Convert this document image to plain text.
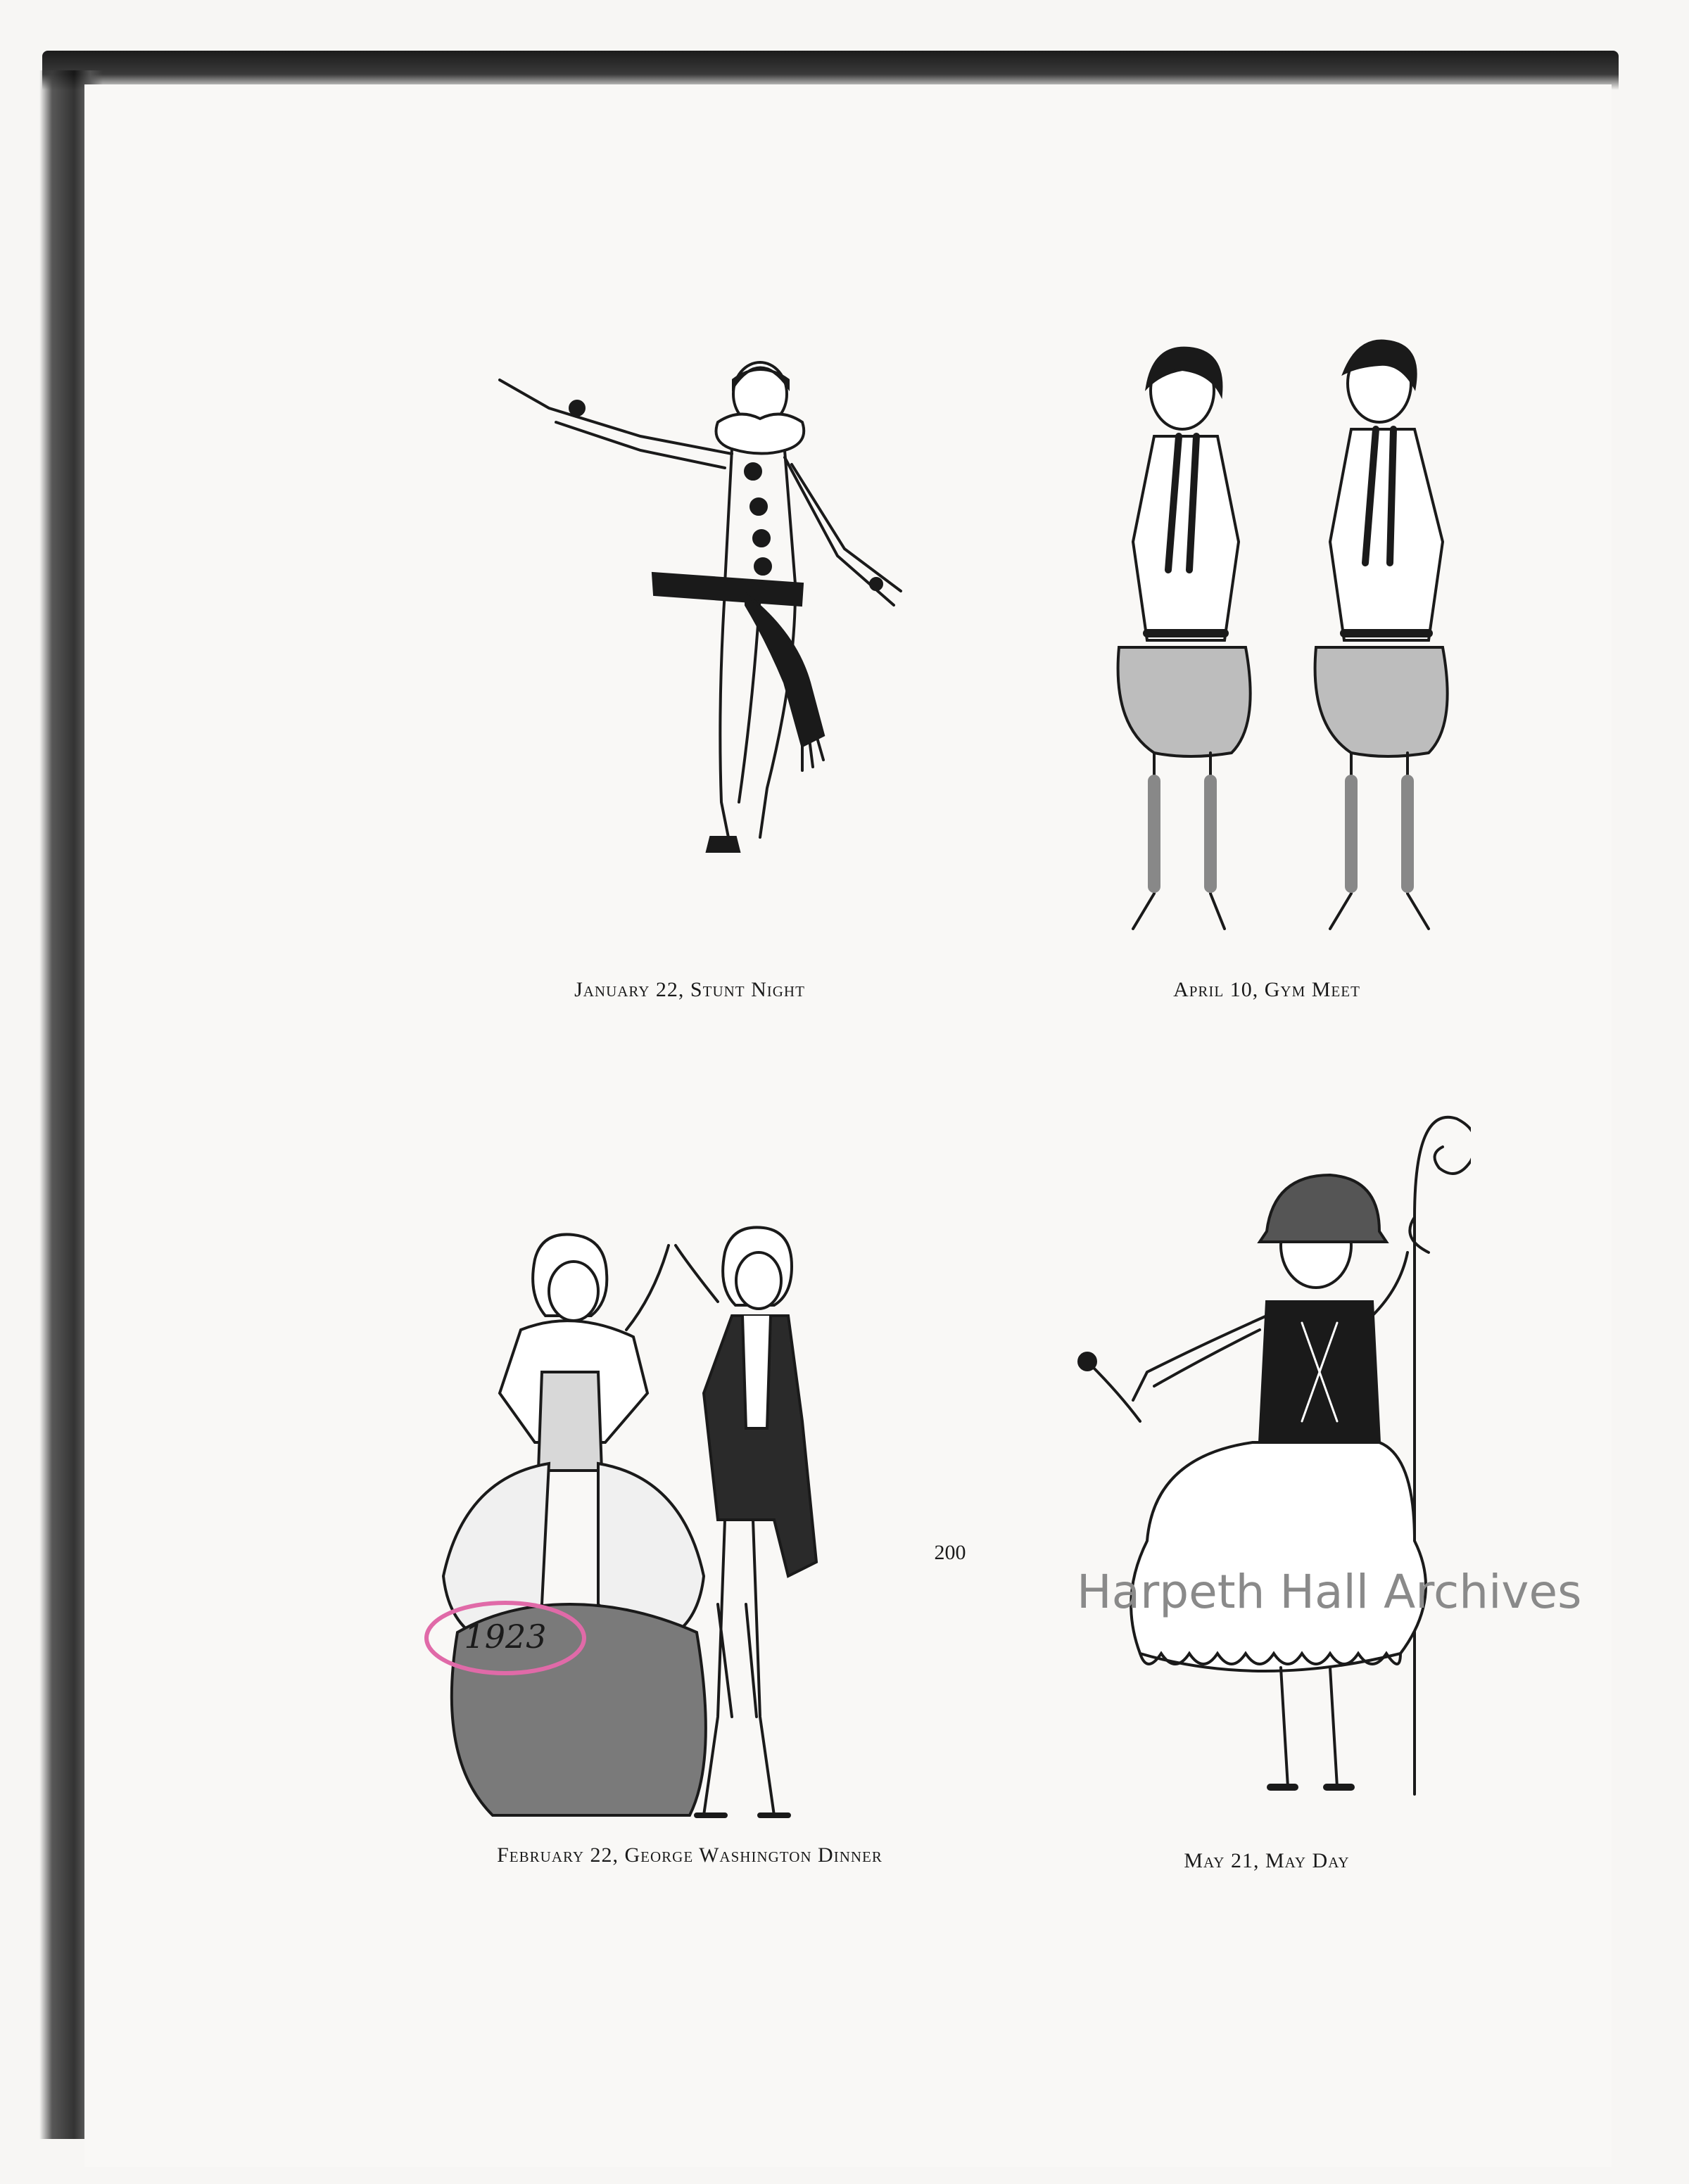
January 22, Stunt Night	April 10, Gym Meet
February 22, George Washington Dinner	May 21, May Day
200
1923
Harpeth Hall Archives
